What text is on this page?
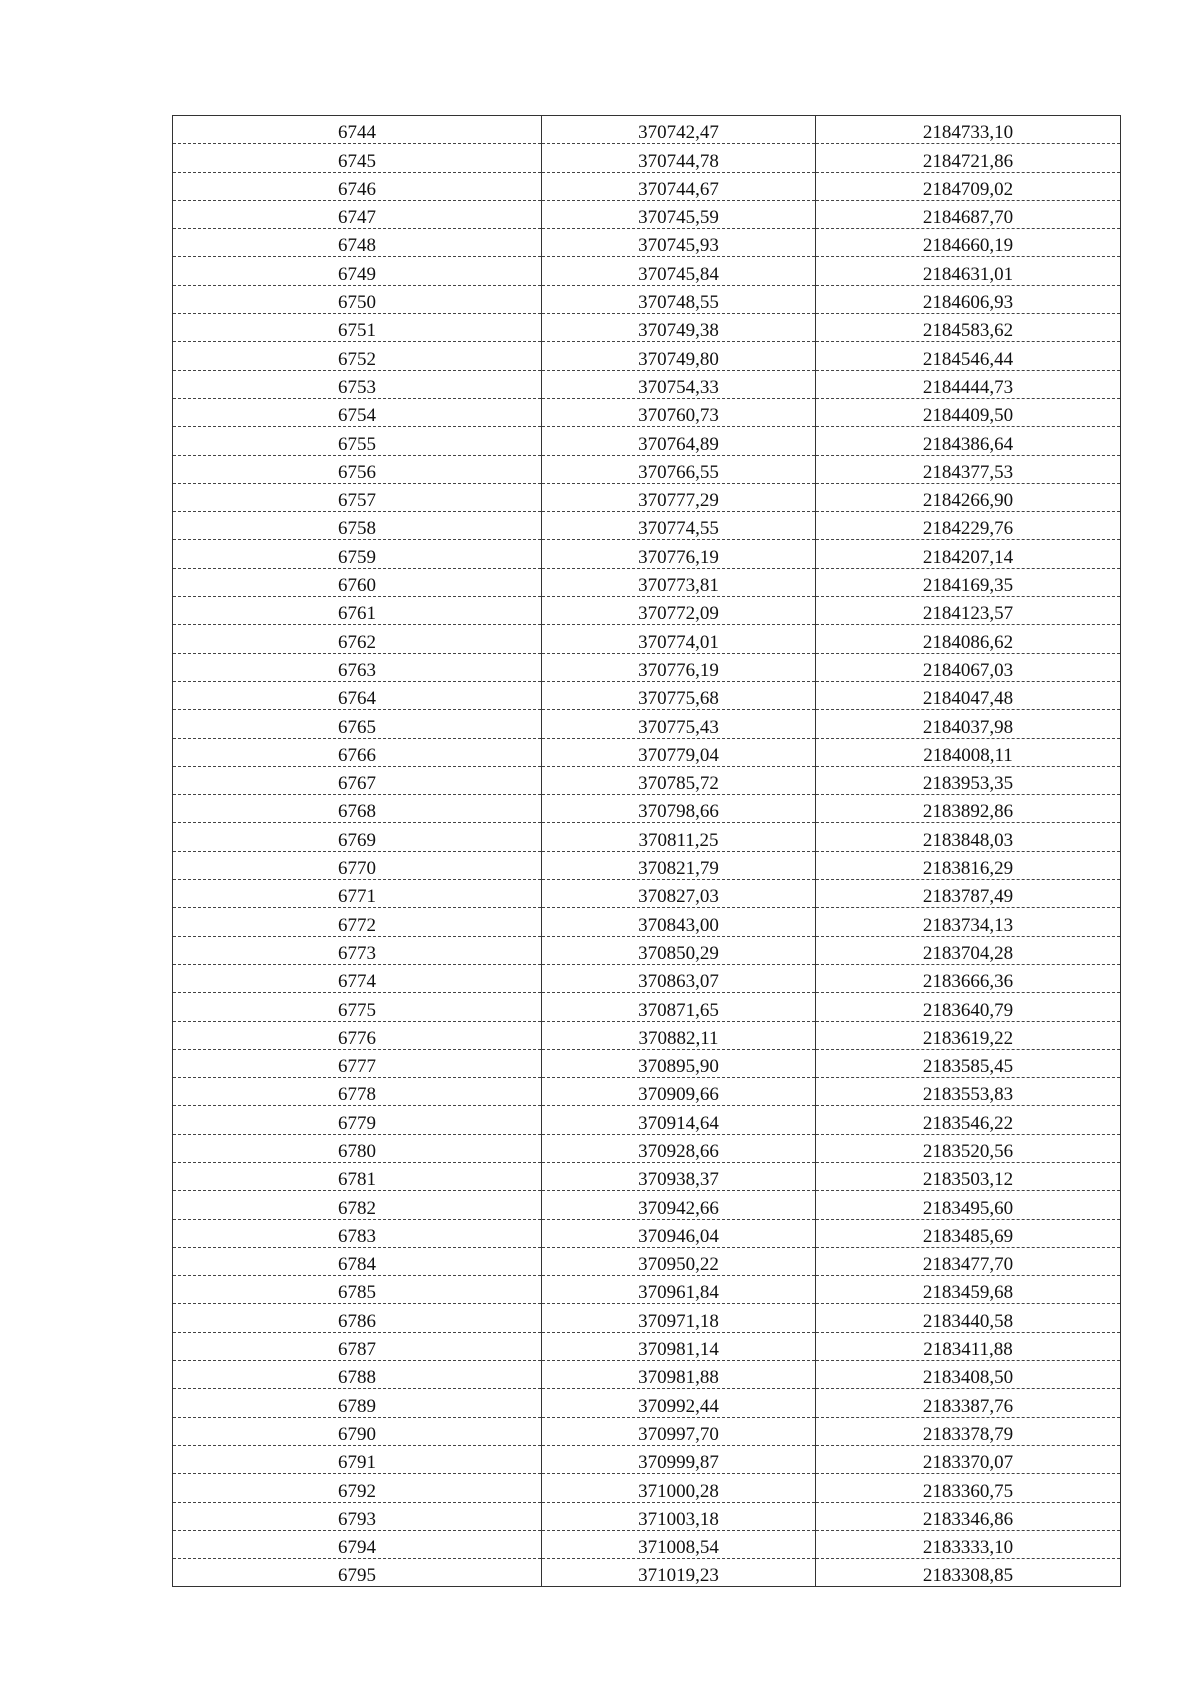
6744	370742,47	2184733,10
6745	370744,78	2184721,86
6746	370744,67	2184709,02
6747	370745,59	2184687,70
6748	370745,93	2184660,19
6749	370745,84	2184631,01
6750	370748,55	2184606,93
6751	370749,38	2184583,62
6752	370749,80	2184546,44
6753	370754,33	2184444,73
6754	370760,73	2184409,50
6755	370764,89	2184386,64
6756	370766,55	2184377,53
6757	370777,29	2184266,90
6758	370774,55	2184229,76
6759	370776,19	2184207,14
6760	370773,81	2184169,35
6761	370772,09	2184123,57
6762	370774,01	2184086,62
6763	370776,19	2184067,03
6764	370775,68	2184047,48
6765	370775,43	2184037,98
6766	370779,04	2184008,11
6767	370785,72	2183953,35
6768	370798,66	2183892,86
6769	370811,25	2183848,03
6770	370821,79	2183816,29
6771	370827,03	2183787,49
6772	370843,00	2183734,13
6773	370850,29	2183704,28
6774	370863,07	2183666,36
6775	370871,65	2183640,79
6776	370882,11	2183619,22
6777	370895,90	2183585,45
6778	370909,66	2183553,83
6779	370914,64	2183546,22
6780	370928,66	2183520,56
6781	370938,37	2183503,12
6782	370942,66	2183495,60
6783	370946,04	2183485,69
6784	370950,22	2183477,70
6785	370961,84	2183459,68
6786	370971,18	2183440,58
6787	370981,14	2183411,88
6788	370981,88	2183408,50
6789	370992,44	2183387,76
6790	370997,70	2183378,79
6791	370999,87	2183370,07
6792	371000,28	2183360,75
6793	371003,18	2183346,86
6794	371008,54	2183333,10
6795	371019,23	2183308,85
